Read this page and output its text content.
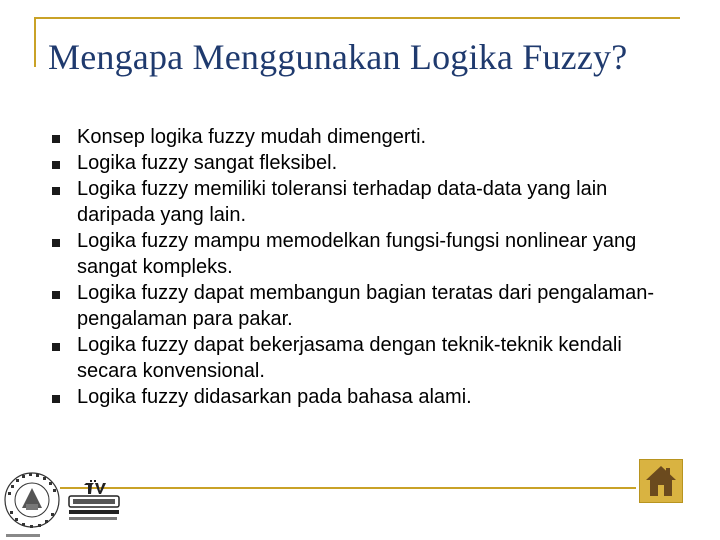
Mengapa Menggunakan Logika Fuzzy?
Konsep logika fuzzy mudah dimengerti.
Logika fuzzy sangat fleksibel.
Logika fuzzy memiliki toleransi terhadap data-data yang lain daripada yang lain.
Logika fuzzy mampu memodelkan fungsi-fungsi nonlinear yang sangat kompleks.
Logika fuzzy dapat membangun bagian teratas dari pengalaman-pengalaman para pakar.
Logika fuzzy dapat bekerjasama dengan teknik-teknik kendali secara konvensional.
Logika fuzzy didasarkan pada bahasa alami.
